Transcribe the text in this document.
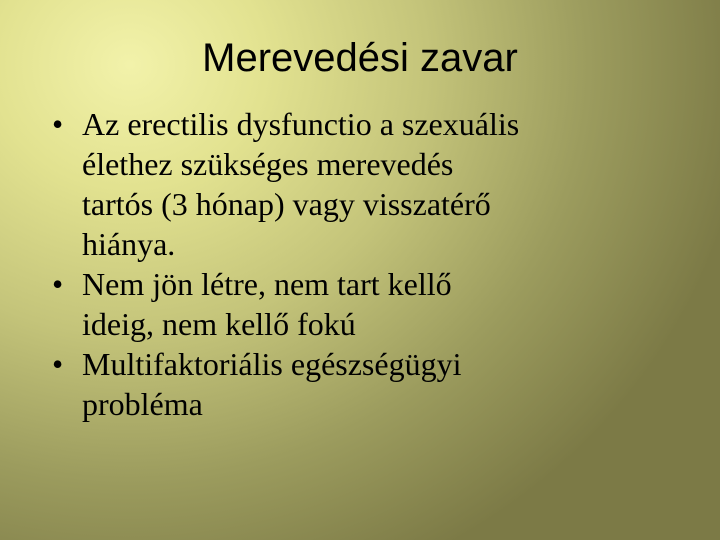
Merevedési zavar
• Az erectilis dysfunctio a szexuális
élethez szükséges merevedés
tartós (3 hónap) vagy visszatérő
hiánya.
• Nem jön létre, nem tart kellő
ideig, nem kellő fokú
• Multifaktoriális egészségügyi
probléma
